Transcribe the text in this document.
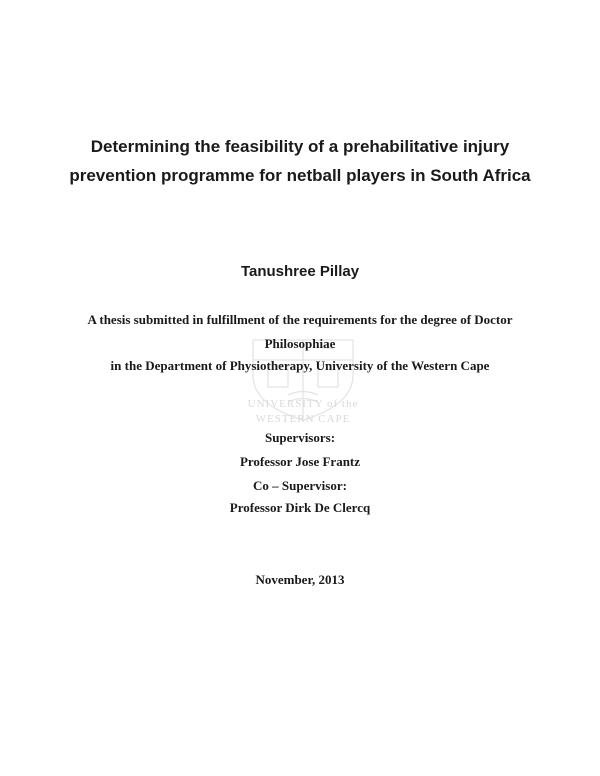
Determining the feasibility of a prehabilitative injury prevention programme for netball players in South Africa

Tanushree Pillay

UNIVERSITY of the

WESTERN CAPE

A thesis submitted in fulfillment of the requirements for the degree of Doctor

Philosophiae

in the Department of Physiotherapy, University of the Western Cape

Supervisors:

Professor Jose Frantz

Co – Supervisor:

Professor Dirk De Clercq

November, 2013
